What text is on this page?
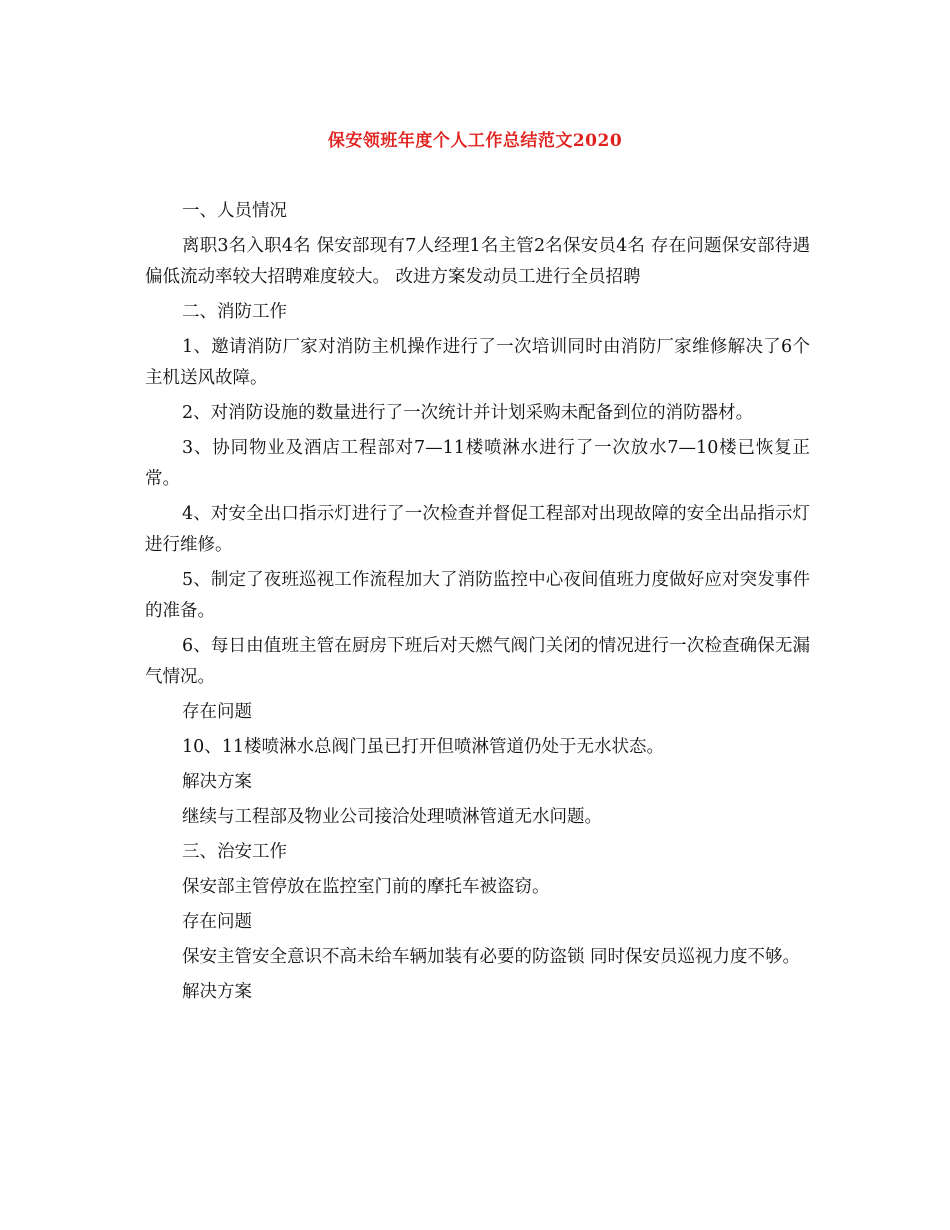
保安领班年度个人工作总结范文2020

一、人员情况

离职3名入职4名 保安部现有7人经理1名主管2名保安员4名 存在问题保安部待遇偏低流动率较大招聘难度较大。 改进方案发动员工进行全员招聘

二、消防工作

1、邀请消防厂家对消防主机操作进行了一次培训同时由消防厂家维修解决了6个主机送风故障。

2、对消防设施的数量进行了一次统计并计划采购未配备到位的消防器材。

3、协同物业及酒店工程部对7—11楼喷淋水进行了一次放水7—10楼已恢复正常。

4、对安全出口指示灯进行了一次检查并督促工程部对出现故障的安全出品指示灯进行维修。

5、制定了夜班巡视工作流程加大了消防监控中心夜间值班力度做好应对突发事件的准备。

6、每日由值班主管在厨房下班后对天燃气阀门关闭的情况进行一次检查确保无漏气情况。

存在问题

10、11楼喷淋水总阀门虽已打开但喷淋管道仍处于无水状态。

解决方案

继续与工程部及物业公司接洽处理喷淋管道无水问题。

三、治安工作

保安部主管停放在监控室门前的摩托车被盗窃。

存在问题

保安主管安全意识不高未给车辆加装有必要的防盗锁 同时保安员巡视力度不够。

解决方案
